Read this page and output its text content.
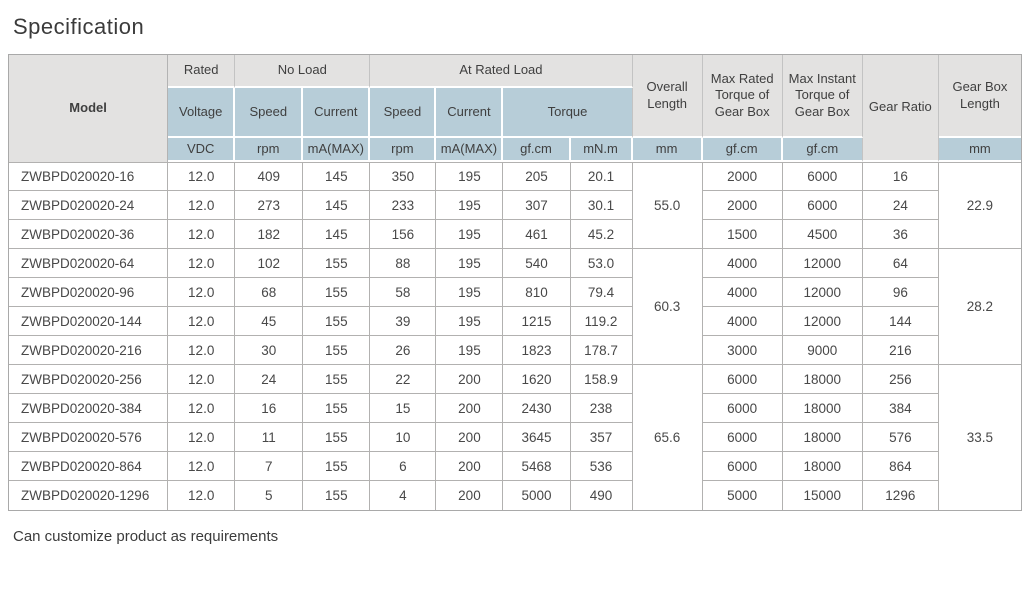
Specification
Model	Rated	No Load		At Rated Load				Overall Length	Max Rated Torque of Gear Box	Max Instant Torque of Gear Box	Gear Ratio	Gear Box Length
	Voltage	Speed	Current	Speed	Current	Torque						
	VDC	rpm	mA(MAX)	rpm	mA(MAX)	gf.cm	mN.m	mm	gf.cm	gf.cm		mm
ZWBPD020020-16	12.0	409	145	350	195	205	20.1	55.0	2000	6000	16	22.9
ZWBPD020020-24	12.0	273	145	233	195	307	30.1		2000	6000	24	
ZWBPD020020-36	12.0	182	145	156	195	461	45.2		1500	4500	36	
ZWBPD020020-64	12.0	102	155	88	195	540	53.0	60.3	4000	12000	64	28.2
ZWBPD020020-96	12.0	68	155	58	195	810	79.4		4000	12000	96	
ZWBPD020020-144	12.0	45	155	39	195	1215	119.2		4000	12000	144	
ZWBPD020020-216	12.0	30	155	26	195	1823	178.7		3000	9000	216	
ZWBPD020020-256	12.0	24	155	22	200	1620	158.9	65.6	6000	18000	256	33.5
ZWBPD020020-384	12.0	16	155	15	200	2430	238		6000	18000	384	
ZWBPD020020-576	12.0	11	155	10	200	3645	357		6000	18000	576	
ZWBPD020020-864	12.0	7	155	6	200	5468	536		6000	18000	864	
ZWBPD020020-1296	12.0	5	155	4	200	5000	490		5000	15000	1296	
Can customize product as requirements
